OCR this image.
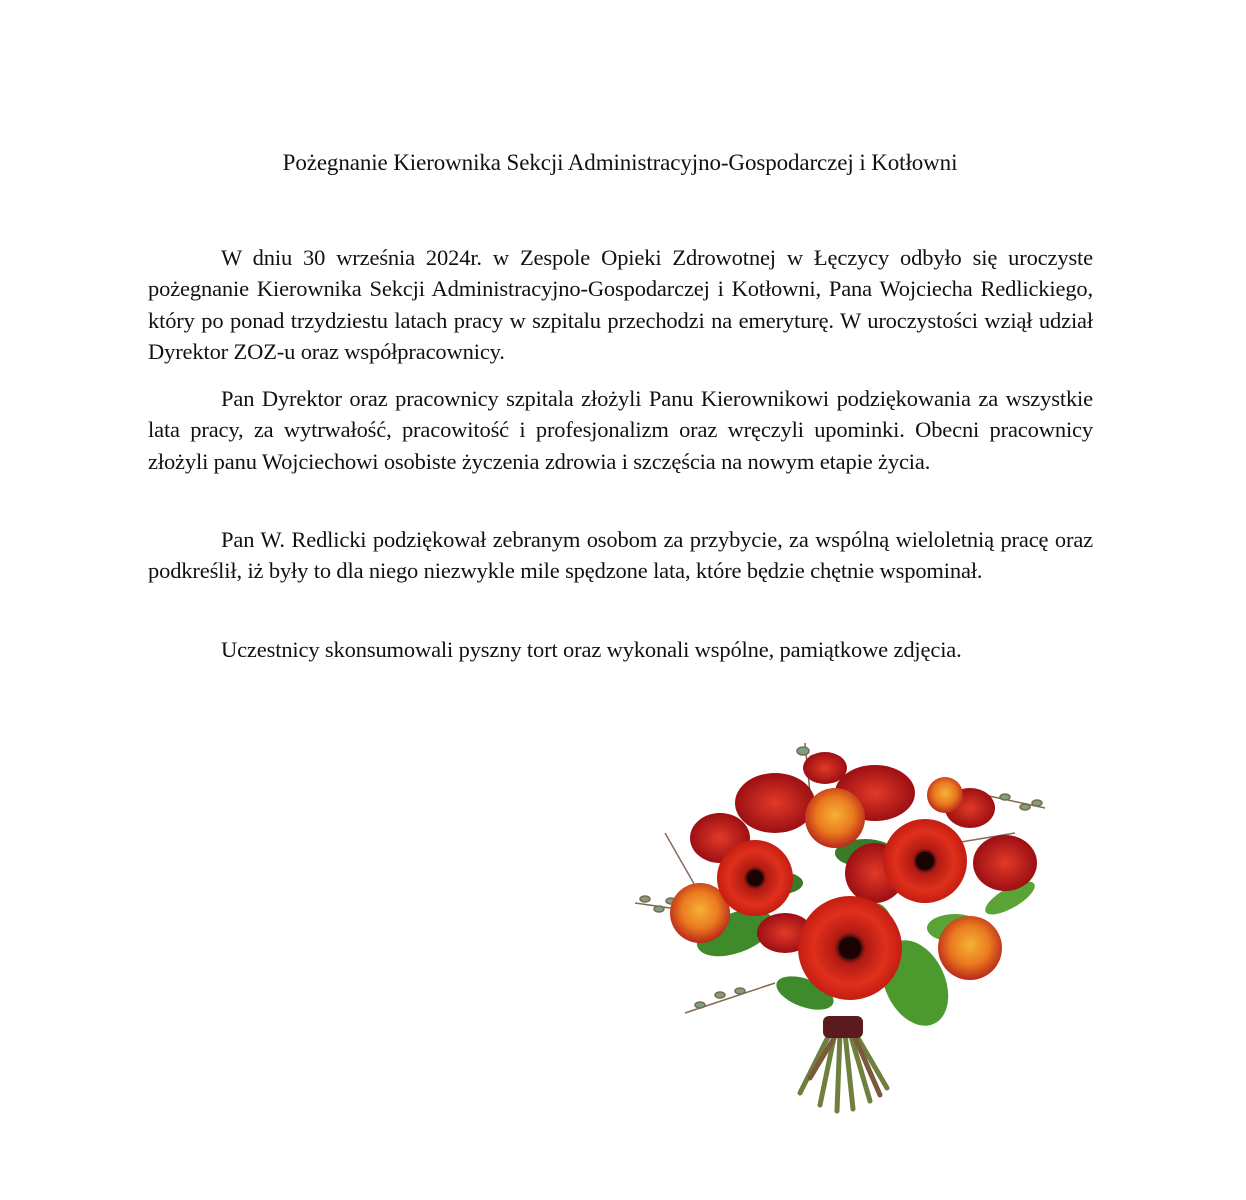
Pożegnanie Kierownika Sekcji Administracyjno-Gospodarczej i Kotłowni

W dniu 30 września 2024r. w Zespole Opieki Zdrowotnej w Łęczycy odbyło się uroczyste pożegnanie Kierownika Sekcji Administracyjno-Gospodarczej i Kotłowni, Pana Wojciecha Redlickiego, który po ponad trzydziestu latach pracy w szpitalu przechodzi na emeryturę. W uroczystości wziął udział Dyrektor ZOZ-u oraz współpracownicy.

Pan Dyrektor oraz pracownicy szpitala złożyli Panu Kierownikowi podziękowania za wszystkie lata pracy, za wytrwałość, pracowitość i profesjonalizm oraz wręczyli upominki. Obecni pracownicy złożyli panu Wojciechowi osobiste życzenia zdrowia i szczęścia na nowym etapie życia.

Pan W. Redlicki podziękował zebranym osobom za przybycie, za wspólną wieloletnią pracę oraz podkreślił, iż były to dla niego niezwykle mile spędzone lata, które będzie chętnie wspominał.

Uczestnicy skonsumowali pyszny tort oraz wykonali wspólne, pamiątkowe zdjęcia.
